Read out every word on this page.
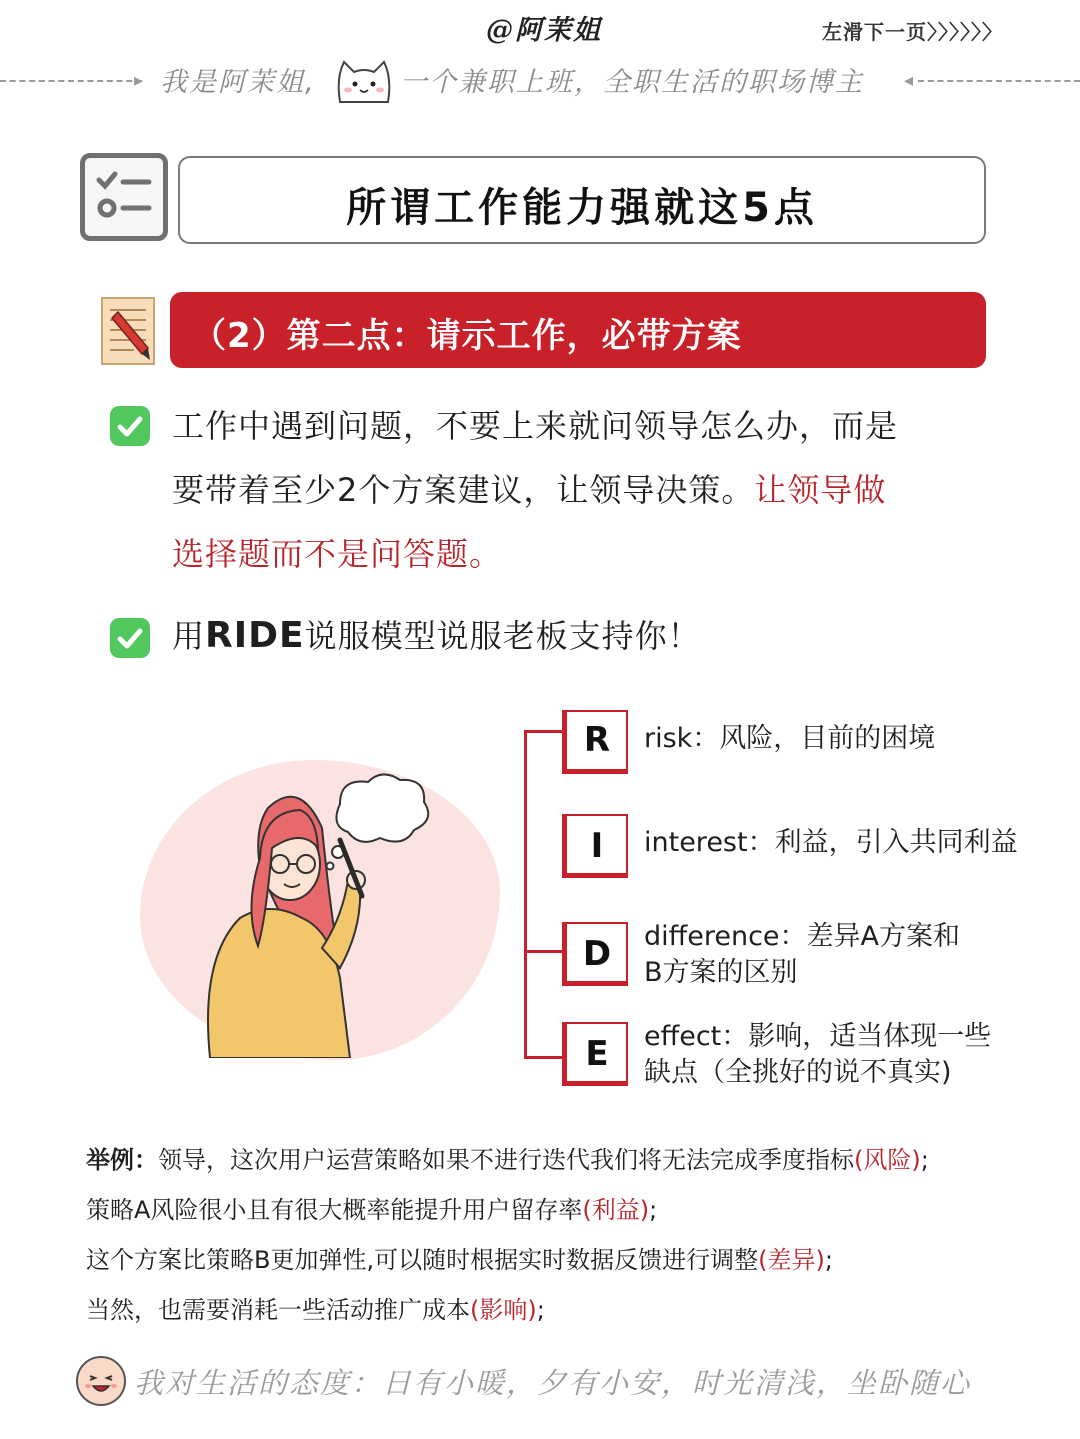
@阿茉姐	左滑下一页〉〉〉〉〉〉
▸ 我是阿茉姐,	一个兼职上班，全职生活的职场博主 ◂
所谓工作能力强就这5点
（2）第二点：请示工作，必带方案
工作中遇到问题，不要上来就问领导怎么办，而是
要带着至少2个方案建议，让领导决策。让领导做
选择题而不是问答题。
用RIDE说服模型说服老板支持你！
R	risk：风险，目前的困境
I	interest：利益，引入共同利益
D	difference：差异A方案和
B方案的区别
E	effect：影响，适当体现一些
缺点（全挑好的说不真实)
举例：领导，这次用户运营策略如果不进行迭代我们将无法完成季度指标(风险);
策略A风险很小且有很大概率能提升用户留存率(利益);
这个方案比策略B更加弹性,可以随时根据实时数据反馈进行调整(差异);
当然，也需要消耗一些活动推广成本(影响);
我对生活的态度：日有小暖，夕有小安，时光清浅，坐卧随心
